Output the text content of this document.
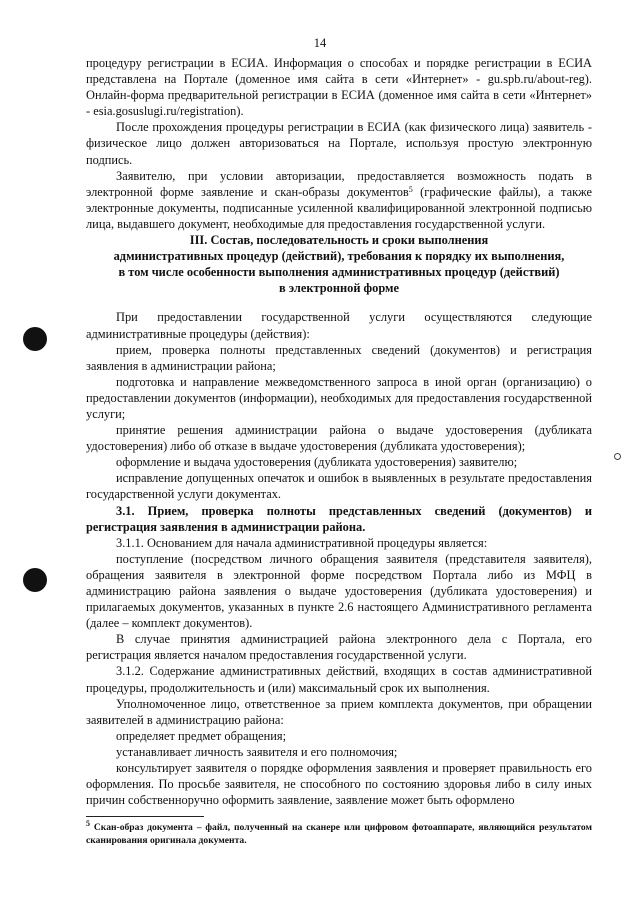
14

процедуру регистрации в ЕСИА. Информация о способах и порядке регистрации в ЕСИА представлена на Портале (доменное имя сайта в сети «Интернет» - gu.spb.ru/about-reg). Онлайн-форма предварительной регистрации в ЕСИА (доменное имя сайта в сети «Интернет» - esia.gosuslugi.ru/registration).

После прохождения процедуры регистрации в ЕСИА (как физического лица) заявитель - физическое лицо должен авторизоваться на Портале, используя простую электронную подпись.

Заявителю, при условии авторизации, предоставляется возможность подать в электронной форме заявление и скан-образы документов$^5$ (графические файлы), а также электронные документы, подписанные усиленной квалифицированной электронной подписью лица, выдавшего документ, необходимые для предоставления государственной услуги.

III. Состав, последовательность и сроки выполнения
административных процедур (действий), требования к порядку их выполнения,
в том числе особенности выполнения административных процедур (действий)
в электронной форме

При предоставлении государственной услуги осуществляются следующие административные процедуры (действия):

прием, проверка полноты представленных сведений (документов) и регистрация заявления в администрации района;

подготовка и направление межведомственного запроса в иной орган (организацию) о предоставлении документов (информации), необходимых для предоставления государственной услуги;

принятие решения администрации района о выдаче удостоверения (дубликата удостоверения) либо об отказе в выдаче удостоверения (дубликата удостоверения);

оформление и выдача удостоверения (дубликата удостоверения) заявителю;

исправление допущенных опечаток и ошибок в выявленных в результате предоставления государственной услуги документах.

3.1. Прием, проверка полноты представленных сведений (документов) и регистрация заявления в администрации района.

3.1.1. Основанием для начала административной процедуры является:

поступление (посредством личного обращения заявителя (представителя заявителя), обращения заявителя в электронной форме посредством Портала либо из МФЦ в администрацию района заявления о выдаче удостоверения (дубликата удостоверения) и прилагаемых документов, указанных в пункте 2.6 настоящего Административного регламента (далее – комплект документов).

В случае принятия администрацией района электронного дела с Портала, его регистрация является началом предоставления государственной услуги.

3.1.2. Содержание административных действий, входящих в состав административной процедуры, продолжительность и (или) максимальный срок их выполнения.

Уполномоченное лицо, ответственное за прием комплекта документов, при обращении заявителей в администрацию района:

определяет предмет обращения;

устанавливает личность заявителя и его полномочия;

консультирует заявителя о порядке оформления заявления и проверяет правильность его оформления. По просьбе заявителя, не способного по состоянию здоровья либо в силу иных причин собственноручно оформить заявление, заявление может быть оформлено

$^5$ Скан-образ документа – файл, полученный на сканере или цифровом фотоаппарате, являющийся результатом сканирования оригинала документа.
